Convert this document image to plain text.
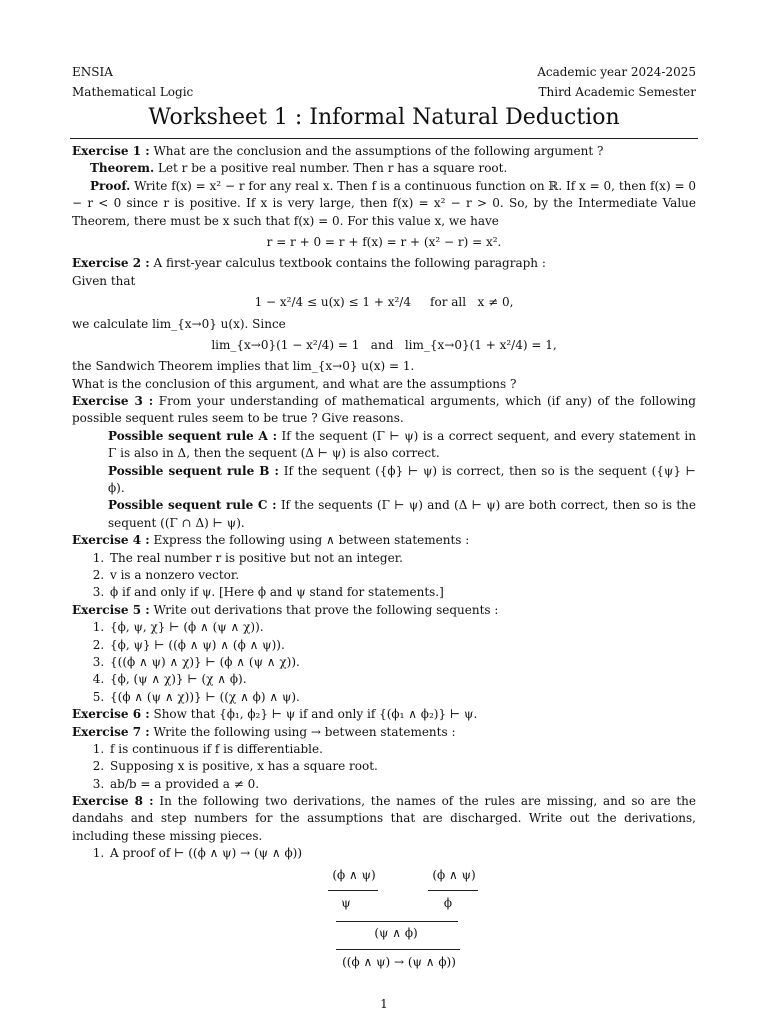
ENSIA	Academic year 2024-2025
Mathematical Logic	Third Academic Semester
Worksheet 1 : Informal Natural Deduction

Exercise 1 : What are the conclusion and the assumptions of the following argument ?

Theorem. Let r be a positive real number. Then r has a square root.

Proof. Write f(x) = x² − r for any real x. Then f is a continuous function on ℝ. If x = 0, then f(x) = 0 − r < 0 since r is positive. If x is very large, then f(x) = x² − r > 0. So, by the Intermediate Value Theorem, there must be x such that f(x) = 0. For this value x, we have

r = r + 0 = r + f(x) = r + (x² − r) = x².

Exercise 2 : A first-year calculus textbook contains the following paragraph :

Given that

1 − x²/4 ≤ u(x) ≤ 1 + x²/4     for all   x ≠ 0,

we calculate lim_{x→0} u(x). Since

lim_{x→0}(1 − x²/4) = 1   and   lim_{x→0}(1 + x²/4) = 1,

the Sandwich Theorem implies that lim_{x→0} u(x) = 1.

What is the conclusion of this argument, and what are the assumptions ?

Exercise 3 : From your understanding of mathematical arguments, which (if any) of the following possible sequent rules seem to be true ? Give reasons.

Possible sequent rule A : If the sequent (Γ ⊢ ψ) is a correct sequent, and every statement in Γ is also in Δ, then the sequent (Δ ⊢ ψ) is also correct.

Possible sequent rule B : If the sequent ({ϕ} ⊢ ψ) is correct, then so is the sequent ({ψ} ⊢ ϕ).

Possible sequent rule C : If the sequents (Γ ⊢ ψ) and (Δ ⊢ ψ) are both correct, then so is the sequent ((Γ ∩ Δ) ⊢ ψ).

Exercise 4 : Express the following using ∧ between statements :

1. The real number r is positive but not an integer.
2. v is a nonzero vector.
3. ϕ if and only if ψ. [Here ϕ and ψ stand for statements.]

Exercise 5 : Write out derivations that prove the following sequents :

1. {ϕ, ψ, χ} ⊢ (ϕ ∧ (ψ ∧ χ)).
2. {ϕ, ψ} ⊢ ((ϕ ∧ ψ) ∧ (ϕ ∧ ψ)).
3. {((ϕ ∧ ψ) ∧ χ)} ⊢ (ϕ ∧ (ψ ∧ χ)).
4. {ϕ, (ψ ∧ χ)} ⊢ (χ ∧ ϕ).
5. {(ϕ ∧ (ψ ∧ χ))} ⊢ ((χ ∧ ϕ) ∧ ψ).

Exercise 6 : Show that {ϕ₁, ϕ₂} ⊢ ψ if and only if {(ϕ₁ ∧ ϕ₂)} ⊢ ψ.

Exercise 7 : Write the following using → between statements :

1. f is continuous if f is differentiable.
2. Supposing x is positive, x has a square root.
3. ab/b = a provided a ≠ 0.

Exercise 8 : In the following two derivations, the names of the rules are missing, and so are the dandahs and step numbers for the assumptions that are discharged. Write out the derivations, including these missing pieces.

1. A proof of ⊢ ((ϕ ∧ ψ) → (ψ ∧ ϕ))
(ϕ ∧ ψ)	(ϕ ∧ ψ)
ψ	ϕ
(ψ ∧ ϕ)
((ϕ ∧ ψ) → (ψ ∧ ϕ))
1
